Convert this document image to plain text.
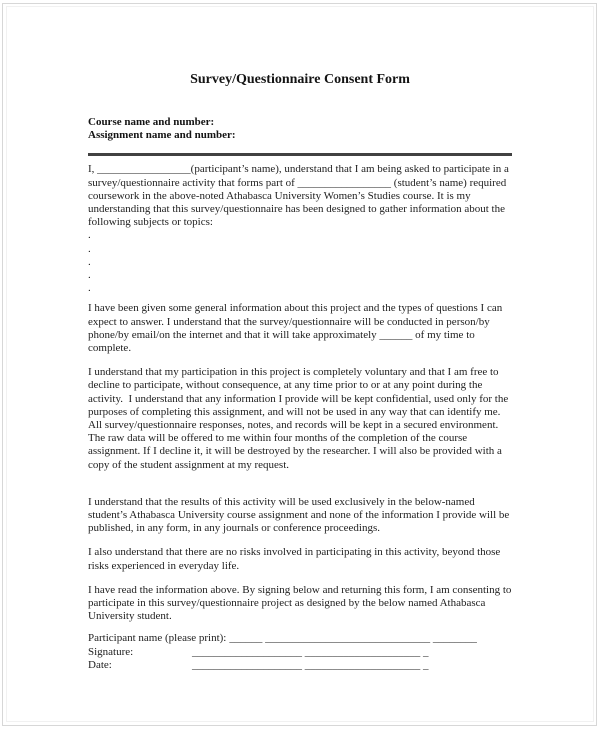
Survey/Questionnaire Consent Form
Course name and number:
Assignment name and number:

I, _________________(participant’s name), understand that I am being asked to participate in a survey/questionnaire activity that forms part of _________________ (student’s name) required coursework in the above-noted Athabasca University Women’s Studies course. It is my understanding that this survey/questionnaire has been designed to gather information about the following subjects or topics:

.
.
.
.
.

I have been given some general information about this project and the types of questions I can expect to answer. I understand that the survey/questionnaire will be conducted in person/by phone/by email/on the internet and that it will take approximately ______ of my time to complete.

I understand that my participation in this project is completely voluntary and that I am free to decline to participate, without consequence, at any time prior to or at any point during the activity.  I understand that any information I provide will be kept confidential, used only for the purposes of completing this assignment, and will not be used in any way that can identify me. All survey/questionnaire responses, notes, and records will be kept in a secured environment.  The raw data will be offered to me within four months of the completion of the course assignment. If I decline it, it will be destroyed by the researcher. I will also be provided with a copy of the student assignment at my request.

I understand that the results of this activity will be used exclusively in the below-named student’s Athabasca University course assignment and none of the information I provide will be published, in any form, in any journals or conference proceedings.

I also understand that there are no risks involved in participating in this activity, beyond those risks experienced in everyday life.

I have read the information above. By signing below and returning this form, I am consenting to participate in this survey/questionnaire project as designed by the below named Athabasca University student.

Participant name (please print): ______ ______________________________ ________
Signature:	____________________ _____________________ _
Date:	____________________ _____________________ _
